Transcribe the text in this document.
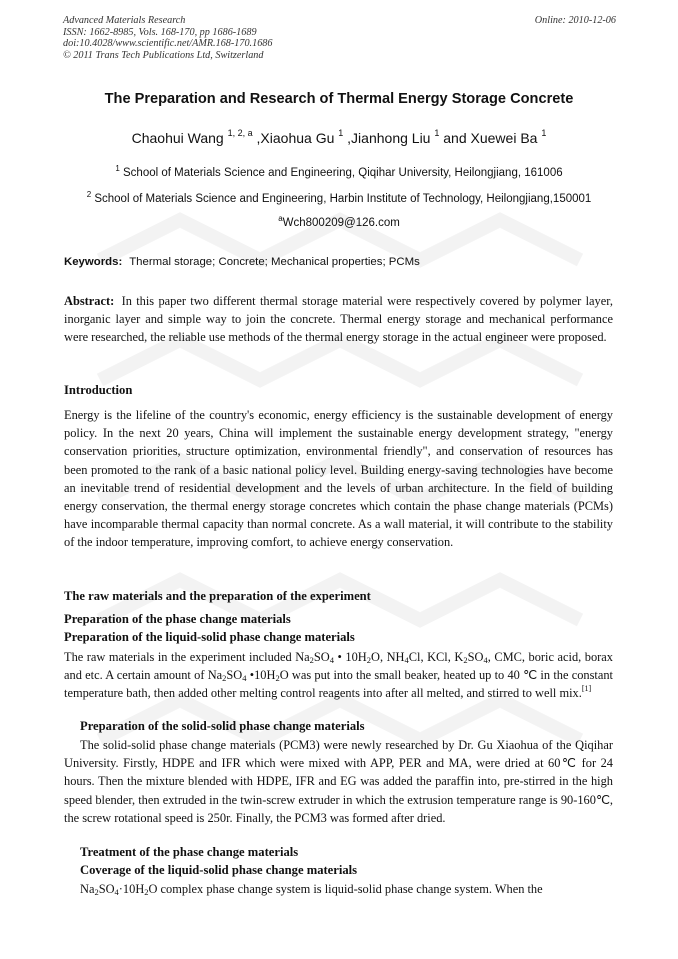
Advanced Materials Research
ISSN: 1662-8985, Vols. 168-170, pp 1686-1689
doi:10.4028/www.scientific.net/AMR.168-170.1686
© 2011 Trans Tech Publications Ltd, Switzerland
Online: 2010-12-06
The Preparation and Research of Thermal Energy Storage Concrete
Chaohui Wang $^{1, 2, a}$ ,Xiaohua Gu $^1$ ,Jianhong Liu $^1$ and Xuewei Ba $^1$
$^1$ School of Materials Science and Engineering, Qiqihar University, Heilongjiang, 161006
$^2$ School of Materials Science and Engineering, Harbin Institute of Technology, Heilongjiang,150001
$^a$Wch800209@126.com
Keywords: Thermal storage; Concrete; Mechanical properties; PCMs
Abstract: In this paper two different thermal storage material were respectively covered by polymer layer, inorganic layer and simple way to join the concrete. Thermal energy storage and mechanical performance were researched, the reliable use methods of the thermal energy storage in the actual engineer were proposed.
Introduction
Energy is the lifeline of the country's economic, energy efficiency is the sustainable development of energy policy. In the next 20 years, China will implement the sustainable energy development strategy, "energy conservation priorities, structure optimization, environmental friendly", and conservation of resources has been promoted to the rank of a basic national policy level. Building energy-saving technologies have become an inevitable trend of residential development and the levels of urban architecture. In the field of building energy conservation, the thermal energy storage concretes which contain the phase change materials (PCMs) have incomparable thermal capacity than normal concrete. As a wall material, it will contribute to the stability of the indoor temperature, improving comfort, to achieve energy conservation.
The raw materials and the preparation of the experiment
Preparation of the phase change materials
Preparation of the liquid-solid phase change materials
The raw materials in the experiment included $Na_2SO_4$ • $10H_2O$, $NH_4Cl$, KCl, $K_2SO_4$, CMC, boric acid, borax and etc. A certain amount of $Na_2SO_4$ $•10H_2O$ was put into the small beaker, heated up to 40 ℃ in the constant temperature bath, then added other melting control reagents into after all melted, and stirred to well mix.[1]
Preparation of the solid-solid phase change materials
The solid-solid phase change materials (PCM3) were newly researched by Dr. Gu Xiaohua of the Qiqihar University. Firstly, HDPE and IFR which were mixed with APP, PER and MA, were dried at 60℃ for 24 hours. Then the mixture blended with HDPE, IFR and EG was added the paraffin into, pre-stirred in the high speed blender, then extruded in the twin-screw extruder in which the extrusion temperature range is 90-160℃, the screw rotational speed is 250r. Finally, the PCM3 was formed after dried.
Treatment of the phase change materials
Coverage of the liquid-solid phase change materials
$Na_2SO_4\cdot 10H_2O$ complex phase change system is liquid-solid phase change system. When the
